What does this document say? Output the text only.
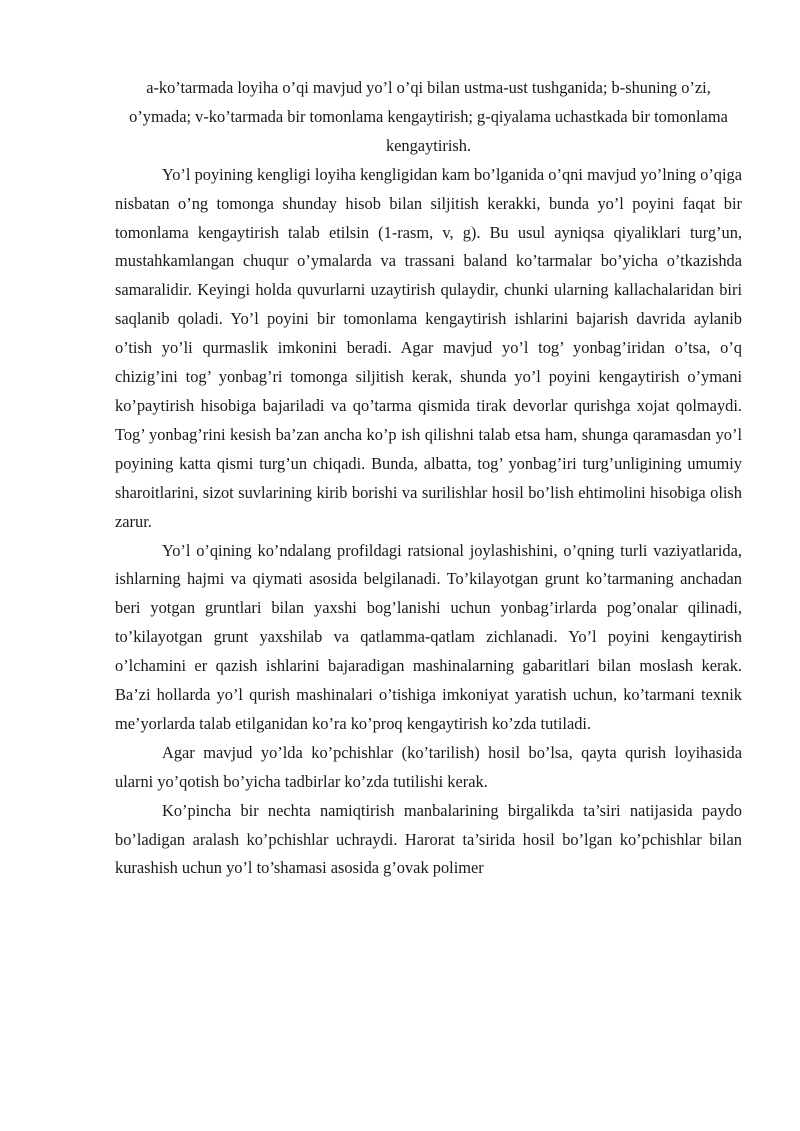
a-ko’tarmada loyiha o’qi mavjud yo’l o’qi bilan ustma-ust tushganida; b-shuning o’zi, o’ymada; v-ko’tarmada bir tomonlama kengaytirish; g-qiyalama uchastkada bir tomonlama kengaytirish.

Yo’l poyining kengligi loyiha kengligidan kam bo’lganida o’qni mavjud yo’lning o’qiga nisbatan o’ng tomonga shunday hisob bilan siljitish kerakki, bunda yo’l poyini faqat bir tomonlama kengaytirish talab etilsin (1-rasm, v, g). Bu usul ayniqsa qiyaliklari turg’un, mustahkamlangan chuqur o’ymalarda va trassani baland ko’tarmalar bo’yicha o’tkazishda samaralidir. Keyingi holda quvurlarni uzaytirish qulaydir, chunki ularning kallachalaridan biri saqlanib qoladi. Yo’l poyini bir tomonlama kengaytirish ishlarini bajarish davrida aylanib o’tish yo’li qurmaslik imkonini beradi. Agar mavjud yo’l tog’ yonbag’iridan o’tsa, o’q chizig’ini tog’ yonbag’ri tomonga siljitish kerak, shunda yo’l poyini kengaytirish o’ymani ko’paytirish hisobiga bajariladi va qo’tarma qismida tirak devorlar qurishga xojat qolmaydi. Tog’ yonbag’rini kesish ba’zan ancha ko’p ish qilishni talab etsa ham, shunga qaramasdan yo’l poyining katta qismi turg’un chiqadi. Bunda, albatta, tog’ yonbag’iri turg’unligining umumiy sharoitlarini, sizot suvlarining kirib borishi va surilishlar hosil bo’lish ehtimolini hisobiga olish zarur.

Yo’l o’qining ko’ndalang profildagi ratsional joylashishini, o’qning turli vaziyatlarida, ishlarning hajmi va qiymati asosida belgilanadi. To’kilayotgan grunt ko’tarmaning anchadan beri yotgan gruntlari bilan yaxshi bog’lanishi uchun yonbag’irlarda pog’onalar qilinadi, to’kilayotgan grunt yaxshilab va qatlamma-qatlam zichlanadi. Yo’l poyini kengaytirish o’lchamini er qazish ishlarini bajaradigan mashinalarning gabaritlari bilan moslash kerak. Ba’zi hollarda yo’l qurish mashinalari o’tishiga imkoniyat yaratish uchun, ko’tarmani texnik me’yorlarda talab etilganidan ko’ra ko’proq kengaytirish ko’zda tutiladi.

Agar mavjud yo’lda ko’pchishlar (ko’tarilish) hosil bo’lsa, qayta qurish loyihasida ularni yo’qotish bo’yicha tadbirlar ko’zda tutilishi kerak.

Ko’pincha bir nechta namiqtirish manbalarining birgalikda ta’siri natijasida paydo bo’ladigan aralash ko’pchishlar uchraydi. Harorat ta’sirida hosil bo’lgan ko’pchishlar bilan kurashish uchun yo’l to’shamasi asosida g’ovak polimer
